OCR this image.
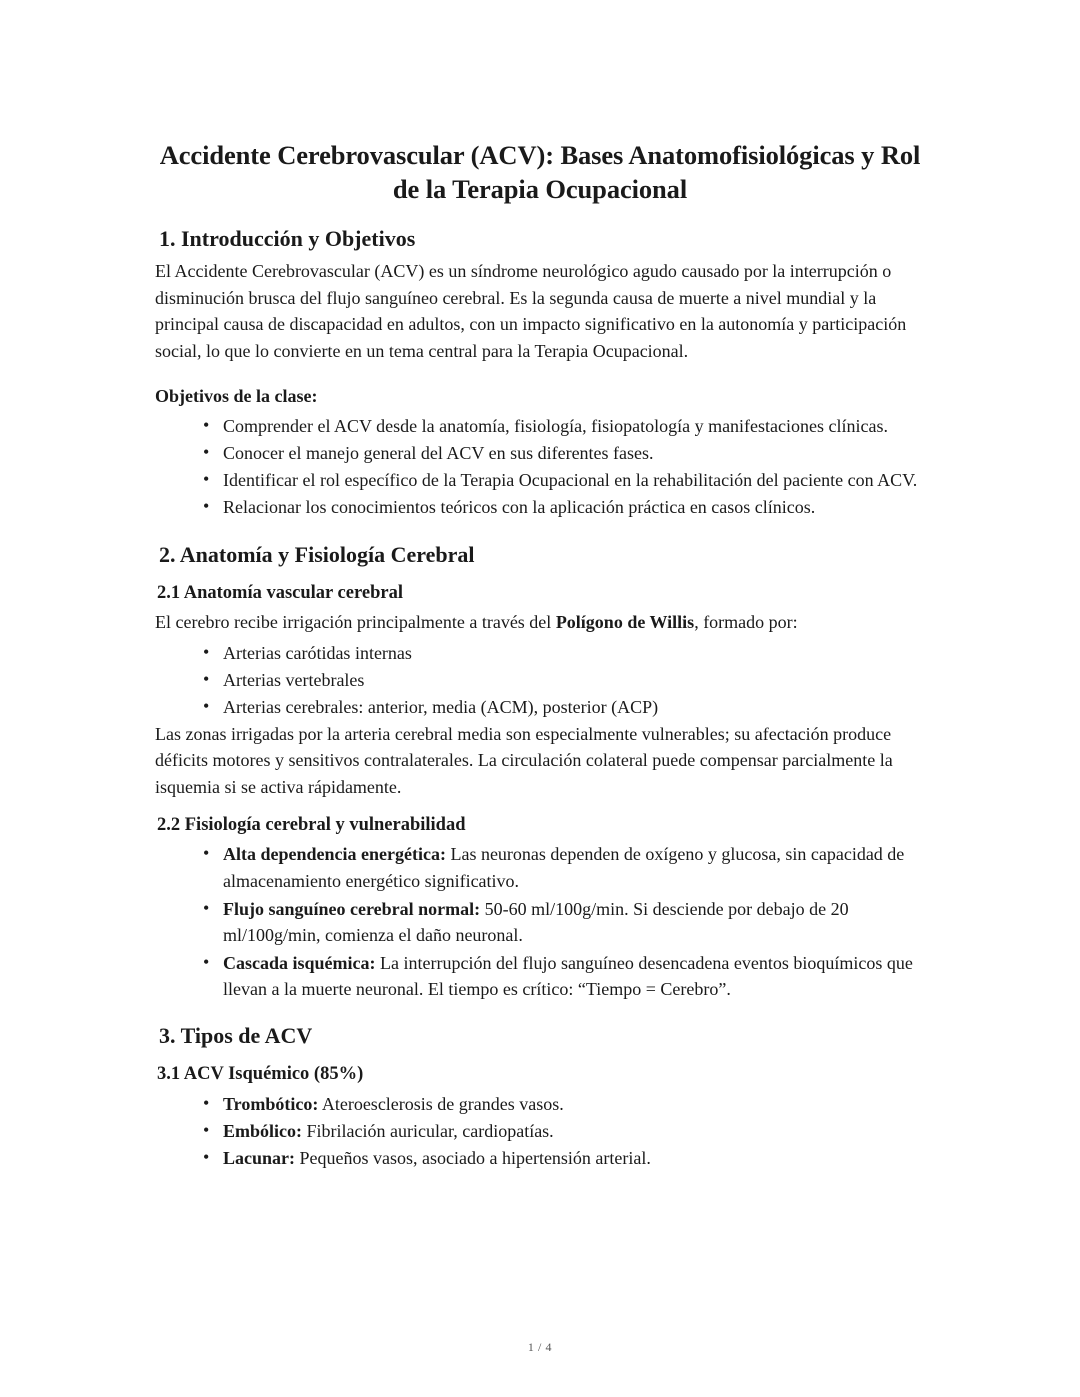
Accidente Cerebrovascular (ACV): Bases Anatomofisiológicas y Rol de la Terapia Ocupacional
1. Introducción y Objetivos

El Accidente Cerebrovascular (ACV) es un síndrome neurológico agudo causado por la interrupción o disminución brusca del flujo sanguíneo cerebral. Es la segunda causa de muerte a nivel mundial y la principal causa de discapacidad en adultos, con un impacto significativo en la autonomía y participación social, lo que lo convierte en un tema central para la Terapia Ocupacional.

Objetivos de la clase:

• Comprender el ACV desde la anatomía, fisiología, fisiopatología y manifestaciones clínicas.
• Conocer el manejo general del ACV en sus diferentes fases.
• Identificar el rol específico de la Terapia Ocupacional en la rehabilitación del paciente con ACV.
• Relacionar los conocimientos teóricos con la aplicación práctica en casos clínicos.
2. Anatomía y Fisiología Cerebral
2.1 Anatomía vascular cerebral

El cerebro recibe irrigación principalmente a través del Polígono de Willis, formado por:

• Arterias carótidas internas
• Arterias vertebrales
• Arterias cerebrales: anterior, media (ACM), posterior (ACP)

Las zonas irrigadas por la arteria cerebral media son especialmente vulnerables; su afectación produce déficits motores y sensitivos contralaterales. La circulación colateral puede compensar parcialmente la isquemia si se activa rápidamente.

2.2 Fisiología cerebral y vulnerabilidad
• Alta dependencia energética: Las neuronas dependen de oxígeno y glucosa, sin capacidad de almacenamiento energético significativo.
• Flujo sanguíneo cerebral normal: 50-60 ml/100g/min. Si desciende por debajo de 20 ml/100g/min, comienza el daño neuronal.
• Cascada isquémica: La interrupción del flujo sanguíneo desencadena eventos bioquímicos que llevan a la muerte neuronal. El tiempo es crítico: “Tiempo = Cerebro”.
3. Tipos de ACV
3.1 ACV Isquémico (85%)
• Trombótico: Ateroesclerosis de grandes vasos.
• Embólico: Fibrilación auricular, cardiopatías.
• Lacunar: Pequeños vasos, asociado a hipertensión arterial.
1 / 4
